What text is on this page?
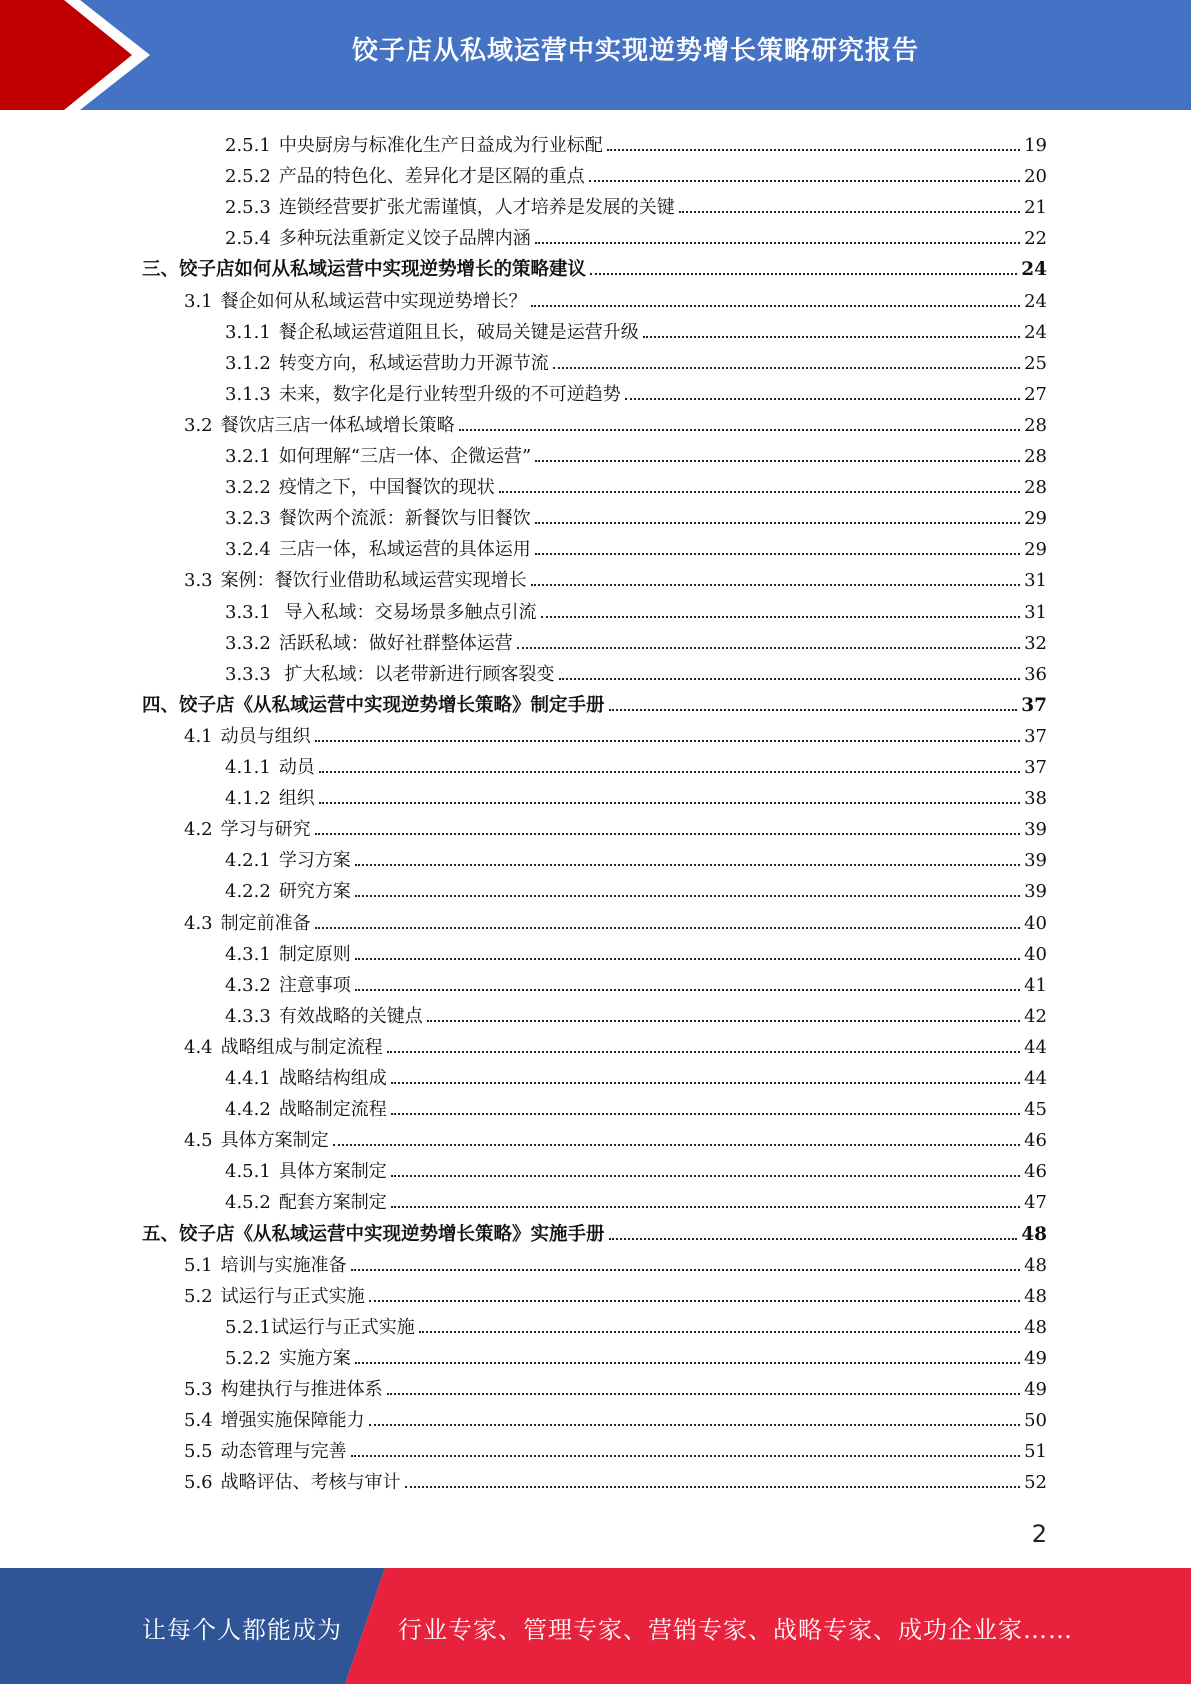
饺子店从私域运营中实现逆势增长策略研究报告
2.5.1 中央厨房与标准化生产日益成为行业标配	19
2.5.2 产品的特色化、差异化才是区隔的重点	20
2.5.3 连锁经营要扩张尤需谨慎，人才培养是发展的关键	21
2.5.4 多种玩法重新定义饺子品牌内涵	22
三、饺子店如何从私域运营中实现逆势增长的策略建议	24
3.1 餐企如何从私域运营中实现逆势增长？	24
3.1.1 餐企私域运营道阻且长，破局关键是运营升级	24
3.1.2 转变方向，私域运营助力开源节流	25
3.1.3 未来，数字化是行业转型升级的不可逆趋势	27
3.2 餐饮店三店一体私域增长策略	28
3.2.1 如何理解“三店一体、企微运营”	28
3.2.2 疫情之下，中国餐饮的现状	28
3.2.3 餐饮两个流派：新餐饮与旧餐饮	29
3.2.4 三店一体，私域运营的具体运用	29
3.3 案例：餐饮行业借助私域运营实现增长	31
3.3.1 导入私域：交易场景多触点引流	31
3.3.2 活跃私域：做好社群整体运营	32
3.3.3 扩大私域：以老带新进行顾客裂变	36
四、饺子店《从私域运营中实现逆势增长策略》制定手册	37
4.1 动员与组织	37
4.1.1 动员	37
4.1.2 组织	38
4.2 学习与研究	39
4.2.1 学习方案	39
4.2.2 研究方案	39
4.3 制定前准备	40
4.3.1 制定原则	40
4.3.2 注意事项	41
4.3.3 有效战略的关键点	42
4.4 战略组成与制定流程	44
4.4.1 战略结构组成	44
4.4.2 战略制定流程	45
4.5 具体方案制定	46
4.5.1 具体方案制定	46
4.5.2 配套方案制定	47
五、饺子店《从私域运营中实现逆势增长策略》实施手册	48
5.1 培训与实施准备	48
5.2 试运行与正式实施	48
5.2.1试运行与正式实施	48
5.2.2 实施方案	49
5.3 构建执行与推进体系	49
5.4 增强实施保障能力	50
5.5 动态管理与完善	51
5.6 战略评估、考核与审计	52
2
让每个人都能成为 行业专家、管理专家、营销专家、战略专家、成功企业家……
